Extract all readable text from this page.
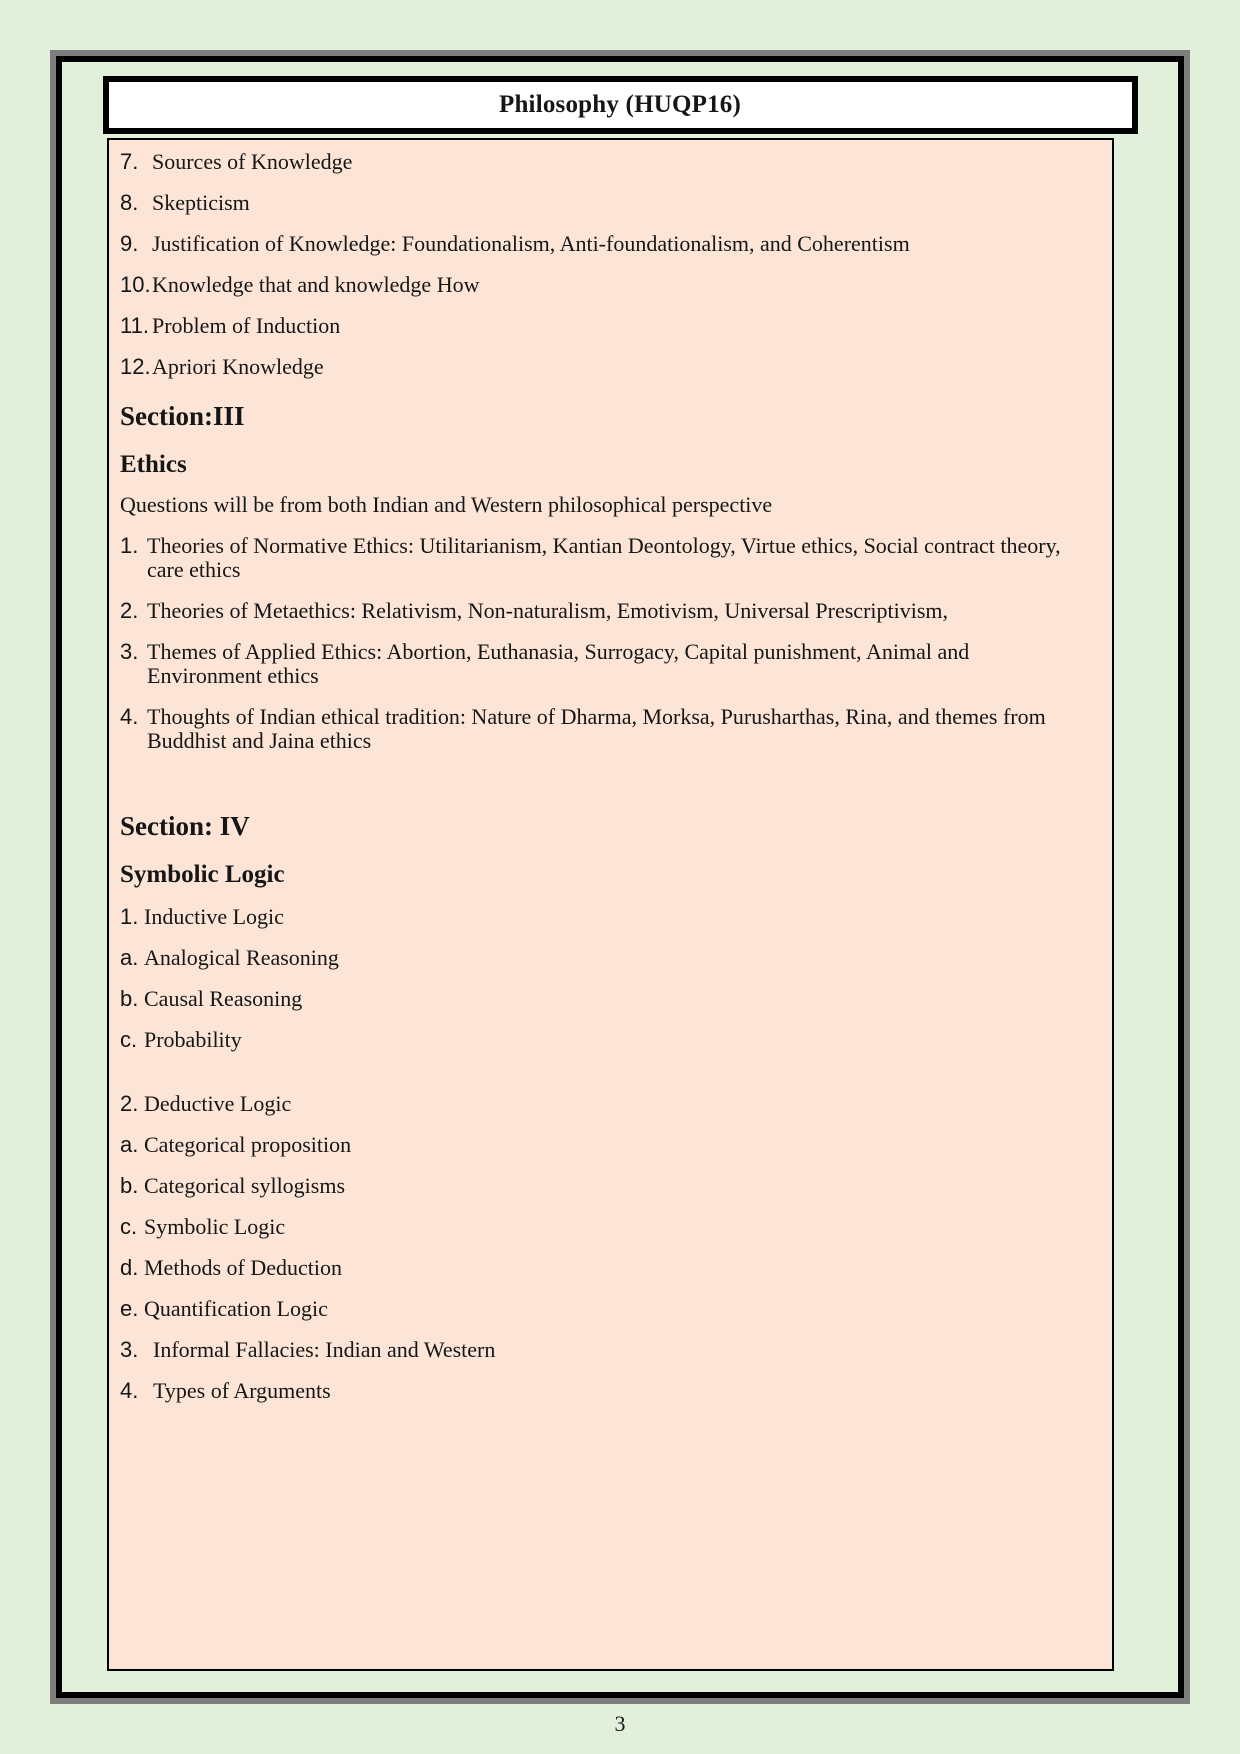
Philosophy (HUQP16)

7. Sources of Knowledge

8. Skepticism

9. Justification of Knowledge: Foundationalism, Anti-foundationalism, and Coherentism

10. Knowledge that and knowledge How

11. Problem of Induction

12. Apriori Knowledge

Section:III
Ethics

Questions will be from both Indian and Western philosophical perspective

1. Theories of Normative Ethics: Utilitarianism, Kantian Deontology, Virtue ethics, Social contract theory, care ethics

2. Theories of Metaethics: Relativism, Non-naturalism, Emotivism, Universal Prescriptivism,

3. Themes of Applied Ethics: Abortion, Euthanasia, Surrogacy, Capital punishment, Animal and Environment ethics

4. Thoughts of Indian ethical tradition: Nature of Dharma, Morksa, Purusharthas, Rina, and themes from Buddhist and Jaina ethics

Section: IV
Symbolic Logic

1. Inductive Logic

a. Analogical Reasoning

b. Causal Reasoning

c. Probability

2. Deductive Logic

a. Categorical proposition

b. Categorical syllogisms

c. Symbolic Logic

d. Methods of Deduction

e. Quantification Logic

3. Informal Fallacies: Indian and Western

4. Types of Arguments

3
